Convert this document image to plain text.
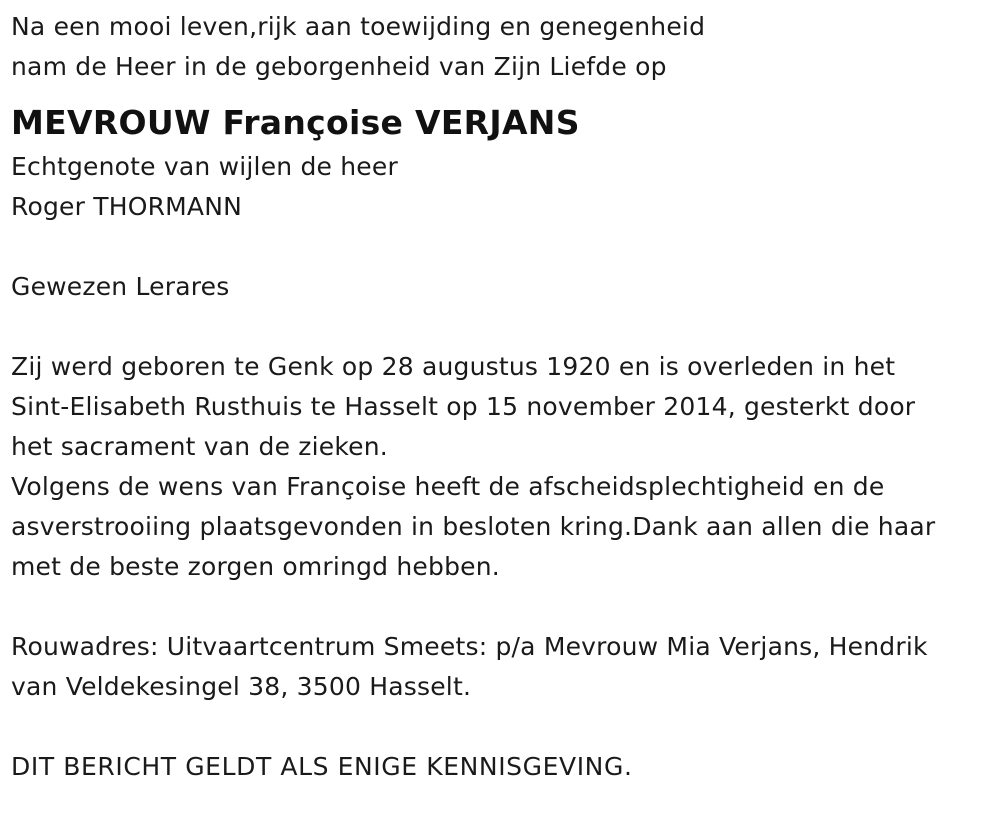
Na een mooi leven,rijk aan toewijding en genegenheid
nam de Heer in de geborgenheid van Zijn Liefde op
MEVROUW Françoise VERJANS
Echtgenote van wijlen de heer
Roger THORMANN
Gewezen Lerares
Zij werd geboren te Genk op 28 augustus 1920 en is overleden in het
Sint-Elisabeth Rusthuis te Hasselt op 15 november 2014, gesterkt door
het sacrament van de zieken.
Volgens de wens van Françoise heeft de afscheidsplechtigheid en de
asverstrooiing plaatsgevonden in besloten kring.Dank aan allen die haar
met de beste zorgen omringd hebben.
Rouwadres: Uitvaartcentrum Smeets: p/a Mevrouw Mia Verjans, Hendrik
van Veldekesingel 38, 3500 Hasselt.
DIT BERICHT GELDT ALS ENIGE KENNISGEVING.
